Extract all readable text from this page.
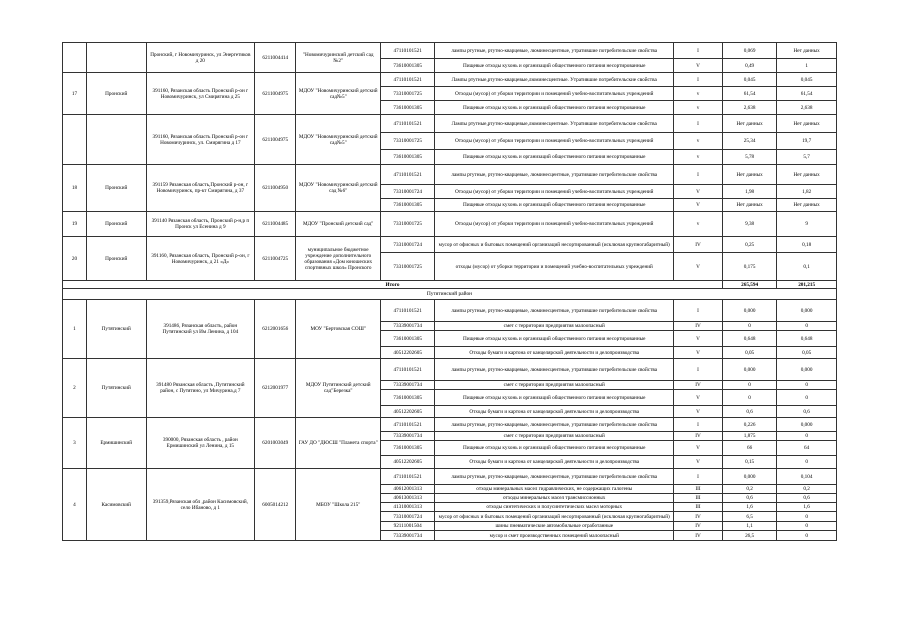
		Пронский, г Новомичуринск, ул Энергетиков д 20	6211004414	"Новомичуринский детский сад №2"	47110101521	лампы ртутные, ртутно-кварцевые, люминесцентные, утратившие потребительские свойства	I	0,069	Нет данных
					73610001305	Пищевые отходы кухонь и организаций общественного питания несортированные	V	0,49	1
17	Пронский	391160, Рязанская область Пронский р-он г Новомичуринск, ул Смирягина д 25	6211004975	МДОУ "Новомичуринский детский сад№5"	47110101521	Лампы ртутные,ртутно-кварцевые,люминесцентные. Утратившие потребительские свойства	I	0,045	0,045
					73310001725	Отходы (мусор) от уборки территории и помещений учебно-воспитательных учреждений	v	61,54	61,54
					73610001305	Пищевые отходы кухонь и организаций общественного питания несортированные	v	2,638	2,638
		391160, Рязанская область Пронский р-он г Новомичуринск, ул. Смирягина д 17	6211004975	МДОУ "Новомичуринский детский сад№5"	47110101521	Лампы ртутные,ртутно-кварцевые,люминесцентные. Утратившие потребительские свойства	I	Нет данных	Нет данных
					73310001725	Отходы (мусор) от уборки территории и помещений учебно-воспитательных учреждений	v	25,34	19,7
					73610001305	Пищевые отходы кухонь и организаций общественного питания несортированные	v	5,78	5,7
18	Пронский	391159 Рязанская область,Пронский р-он, г Новомичуринск, пр-кт Смирягина, д 37	6211004950	МДОУ "Новомичуринский детский сад №6"	47110101521	лампы ртутные, ртутно-кварцевые, люминесцентные, утратившие потребительские свойства	I	Нет данных	Нет данных
					73310001724	Отходы (мусор) от уборки территории и помещений учебно-воспитательных учреждений	V	1,98	1,82
					73610001305	Пищевые отходы кухонь и организаций общественного питания несортированные	V	Нет данных	Нет данных
19	Пронский	391140 Рязанская область, Пронский р-н,р п Пронск ул Есенина д 9	6211004485	МДОУ "Пронский детский сад"	73310001725	Отходы (мусор) от уборки территории и помещений учебно-воспитательных учреждений	v	9,38	9
20	Пронский	391160, Рязанская область, Пронский р-он, г Новомичуринск, д 21 «Д»	6211004725	муниципальное бюджетное учреждение дополнительного образования «Дом юношеских спортивных школ» Пронского	73310001724	мусор от офисных и бытовых помещений организаций несортированный (исключая крупногабаритный)	IV	0,25	0,18
					73310001725	отходы (мусор) от уборки территории и помещений учебно-воспитательных учреждений	V	0,175	0,1
Итого								265,594	201,215
Путятинский район									
1	Путятинский	391486, Рязанская область, район Путятинский ул Им Ленина, д 104	6212001656	МОУ "Бертовская СОШ"	47110101521	лампы ртутные, ртутно-кварцевые, люминесцентные, утратившие потребительские свойства	I	0,000	0,000
					73339001734	смет с территории предприятия малоопасный	IV	0	0
					73610001305	Пищевые отходы кухонь и организаций общественного питания несортированные	V	0,648	0,648
					40512202605	Отходы бумаги и картона от канцелярской деятельности и делопроизводства	V	0,05	0,05
2	Путятинский	391480 Рязанская область ,Путятинский район, с Путятино, ул Мичурина,д 7	6212001977	МДОУ Путятинский детский сад"Березка"	47110101521	лампы ртутные, ртутно-кварцевые, люминесцентные, утратившие потребительские свойства	I	0,000	0,000
					73339001734	смет с территории предприятия малоопасный	IV	0	0
					73610001305	Пищевые отходы кухонь и организаций общественного питания несортированные	V	0	0
					40512202605	Отходы бумаги и картона от канцелярской деятельности и делопроизводства	V	0,6	0,6
3	Ермишинский	390000, Рязанская область , район Ермишинский ул Ленина, д 15	6201003049	ГАУ ДО "ДЮСШ "Планета спорта"	47110101521	лампы ртутные, ртутно-кварцевые, люминесцентные, утратившие потребительские свойства	I	0,226	0,000
					73339001734	смет с территории предприятия малоопасный	IV	1,875	0
					73610001305	Пищевые отходы кухонь и организаций общественного питания несортированные	V	66	64
					40512202605	Отходы бумаги и картона от канцелярской деятельности и делопроизводства	V	0,15	0
4	Касимовский	391359,Рязанская обл ,район Касимовский, село Ибаново, д 1	6005014212	МБОУ "Школа 215"	47110101521	лампы ртутные, ртутно-кварцевые, люминесцентные, утратившие потребительские свойства	I	0,000	0,104
					40612001313	отходы минеральных масел гидравлических, не содержащих галогены	III	0,2	0,2
					40613001313	отходы минеральных масел трансмиссионных	III	0,6	0,6
					41310001313	отходы синтетических и полусинтетических масел моторных	III	1,6	1,6
					73310001724	мусор от офисных и бытовых помещений организаций несортированный (исключая крупногабаритный)	IV	6,5	0
					92111001504	шины пневматические автомобильные отработанные	IV	1,1	0
					73339001734	мусор и смет производственных помещений малоопасный	IV	26,5	0
